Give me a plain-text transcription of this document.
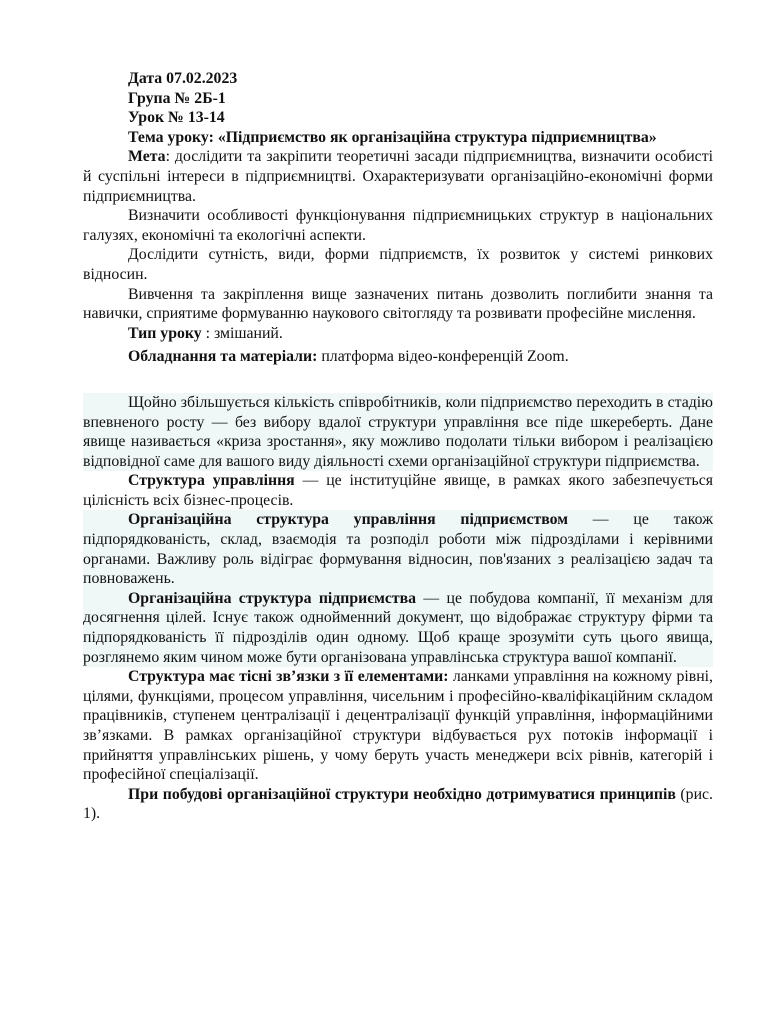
Дата 07.02.2023
Група № 2Б-1
Урок № 13-14

Тема уроку: «Підприємство як організаційна структура підприємництва»

Мета: дослідити та закріпити теоретичні засади підприємництва, визначити особисті й суспільні інтереси в підприємництві. Охарактеризувати організаційно-економічні форми підприємництва.

Визначити особливості функціонування підприємницьких структур в національних галузях, економічні та екологічні аспекти.

Дослідити сутність, види, форми підприємств, їх розвиток у системі ринкових відносин.

Вивчення та закріплення вище зазначених питань дозволить поглибити знання та навички, сприятиме формуванню наукового світогляду та розвивати професійне мислення.

Тип уроку : змішаний.

Обладнання та матеріали: платформа відео-конференцій Zoom.

Щойно збільшується кількість співробітників, коли підприємство переходить в стадію впевненого росту — без вибору вдалої структури управління все піде шкереберть. Дане явище називається «криза зростання», яку можливо подолати тільки вибором і реалізацією відповідної саме для вашого виду діяльності схеми організаційної структури підприємства.

Структура управління — це інституційне явище, в рамках якого забезпечується цілісність всіх бізнес-процесів.

Організаційна структура управління підприємством — це також підпорядкованість, склад, взаємодія та розподіл роботи між підрозділами і керівними органами. Важливу роль відіграє формування відносин, пов'язаних з реалізацією задач та повноважень.

Організаційна структура підприємства — це побудова компанії, її механізм для досягнення цілей. Існує також однойменний документ, що відображає структуру фірми та підпорядкованість її підрозділів один одному. Щоб краще зрозуміти суть цього явища, розглянемо яким чином може бути організована управлінська структура вашої компанії.

Структура має тісні зв’язки з її елементами: ланками управління на кожному рівні, цілями, функціями, процесом управління, чисельним і професійно-кваліфікаційним складом працівників, ступенем централізації і децентралізації функцій управління, інформаційними зв’язками. В рамках організаційної структури відбувається рух потоків інформації і прийняття управлінських рішень, у чому беруть участь менеджери всіх рівнів, категорій і професійної спеціалізації.

При побудові організаційної структури необхідно дотримуватися принципів (рис. 1).
